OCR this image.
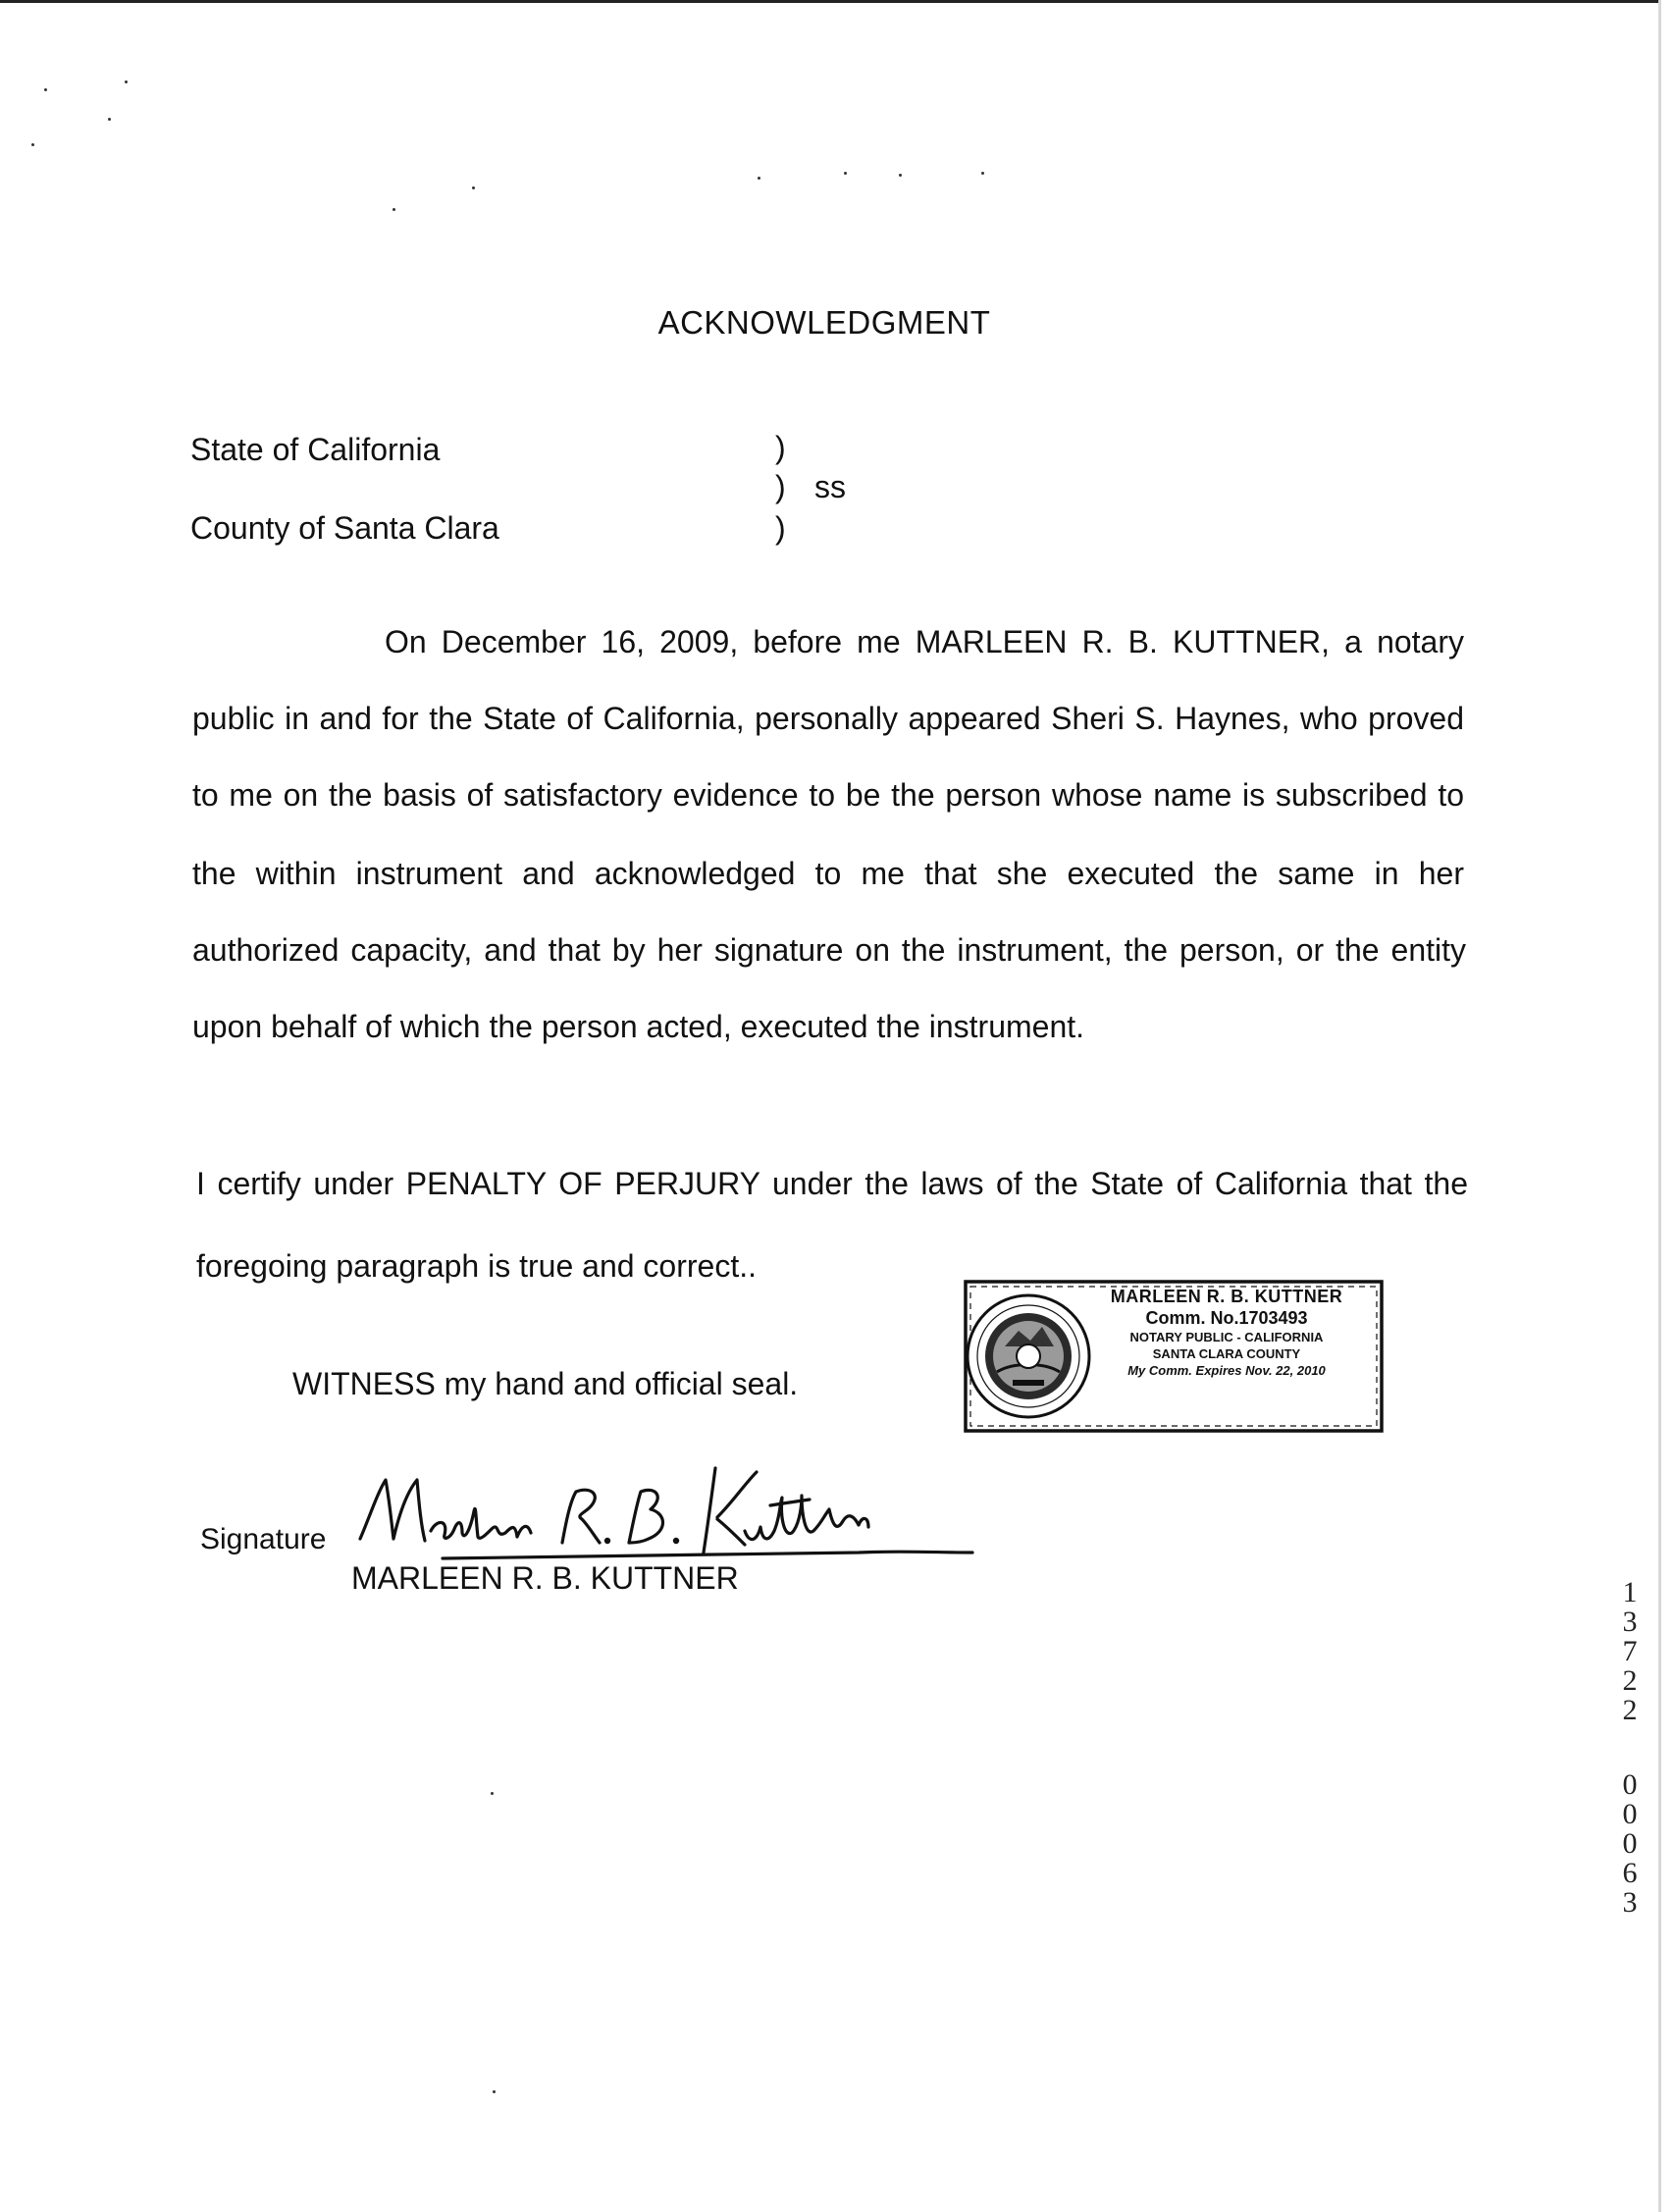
ACKNOWLEDGMENT
State of California
County of Santa Clara
)
) ss
)
On December 16, 2009, before me MARLEEN R. B. KUTTNER, a notary
public in and for the State of California, personally appeared Sheri S. Haynes, who proved
to me on the basis of satisfactory evidence to be the person whose name is subscribed to
the within instrument and acknowledged to me that she executed the same in her
authorized capacity, and that by her signature on the instrument, the person, or the entity
upon behalf of which the person acted, executed the instrument.
I certify under PENALTY OF PERJURY under the laws of the State of California that the
foregoing paragraph is true and correct..
WITNESS my hand and official seal.
Signature
MARLEEN R. B. KUTTNER
MARLEEN R. B. KUTTNER
Comm. No.1703493
NOTARY PUBLIC - CALIFORNIA
SANTA CLARA COUNTY
My Comm. Expires Nov. 22, 2010
1
3
7
2
2
0
0
0
6
3
